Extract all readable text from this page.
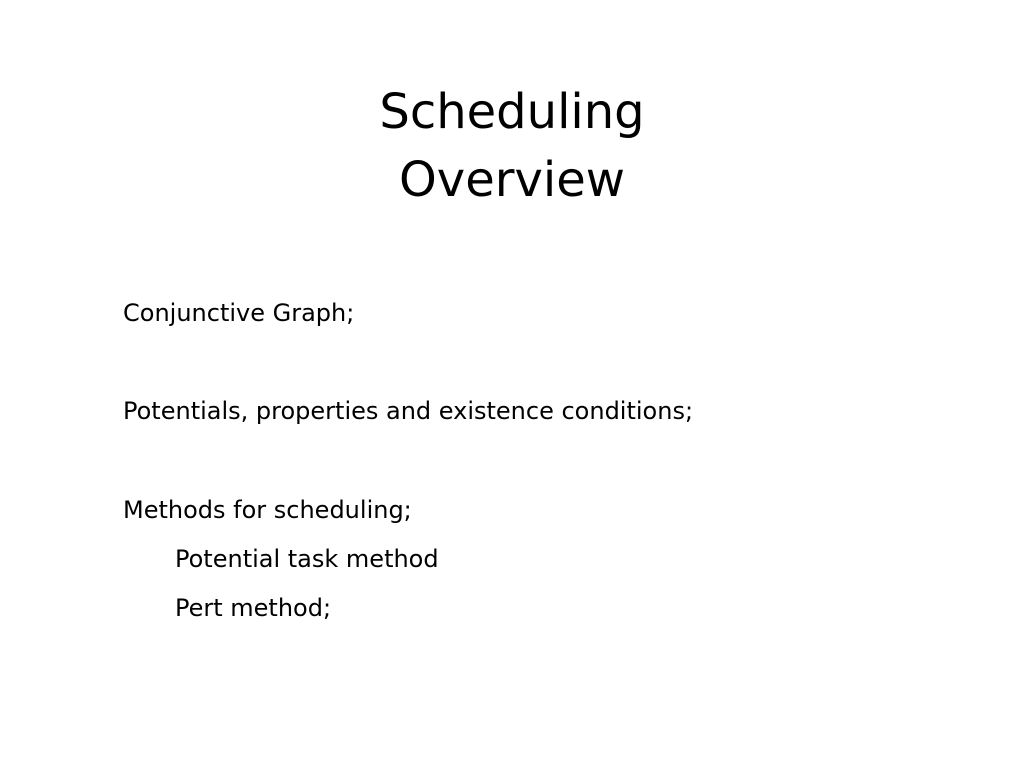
Scheduling
Overview
Conjunctive Graph;
Potentials, properties and existence conditions;
Methods for scheduling;
Potential task method
Pert method;
